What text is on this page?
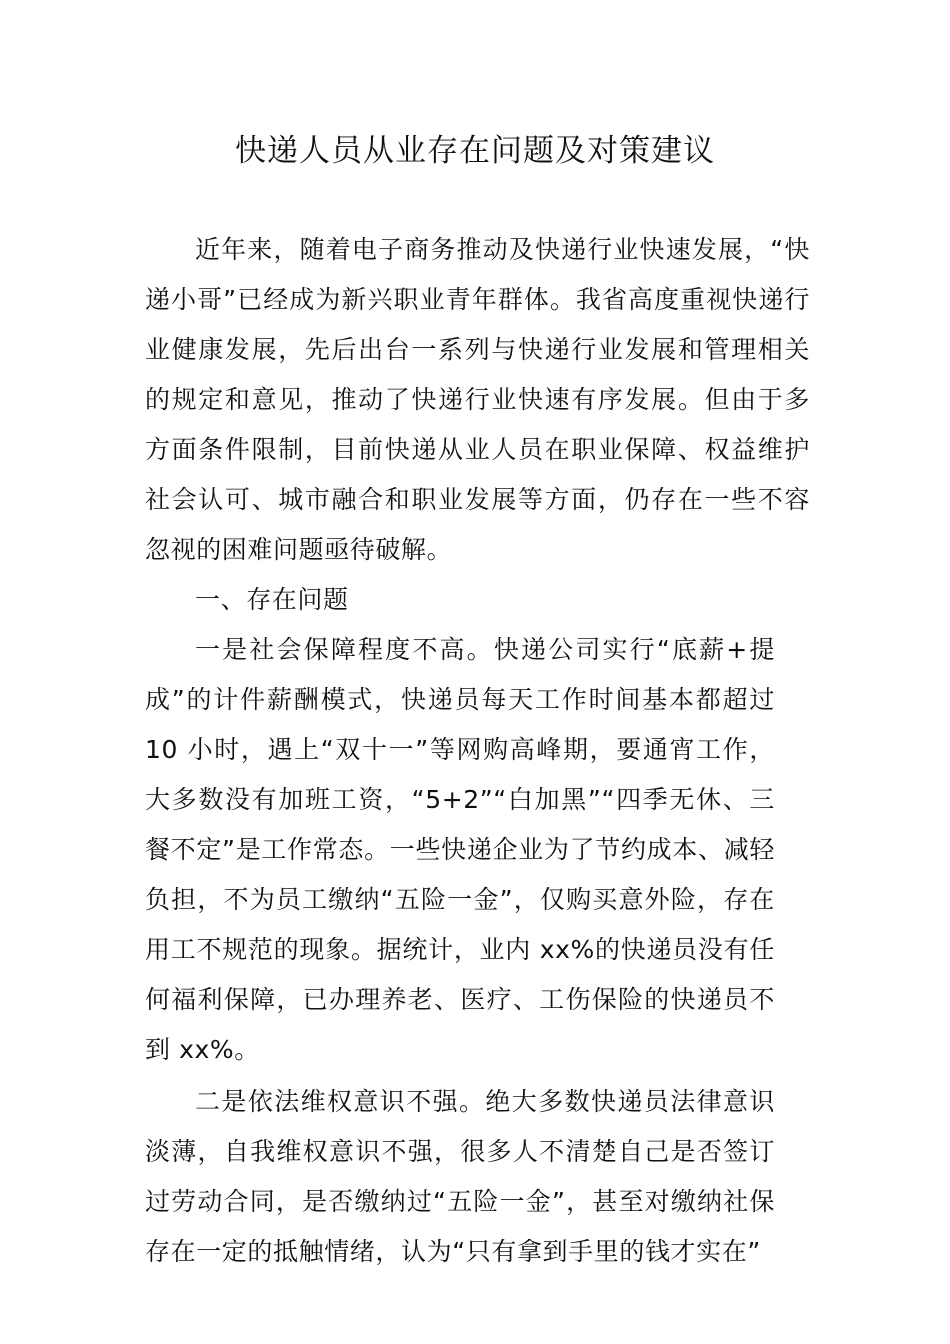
快递人员从业存在问题及对策建议

近年来，随着电子商务推动及快递行业快速发展，“快递小哥”已经成为新兴职业青年群体。我省高度重视快递行业健康发展，先后出台一系列与快递行业发展和管理相关的规定和意见，推动了快递行业快速有序发展。但由于多方面条件限制，目前快递从业人员在职业保障、权益维护社会认可、城市融合和职业发展等方面，仍存在一些不容忽视的困难问题亟待破解。

一、存在问题

一是社会保障程度不高。快递公司实行“底薪+提成”的计件薪酬模式，快递员每天工作时间基本都超过 10 小时，遇上“双十一”等网购高峰期，要通宵工作，大多数没有加班工资，“5+2”“白加黑”“四季无休、三餐不定”是工作常态。一些快递企业为了节约成本、减轻负担，不为员工缴纳“五险一金”，仅购买意外险，存在用工不规范的现象。据统计，业内 xx%的快递员没有任何福利保障，已办理养老、医疗、工伤保险的快递员不到 xx%。

二是依法维权意识不强。绝大多数快递员法律意识淡薄，自我维权意识不强，很多人不清楚自己是否签订过劳动合同，是否缴纳过“五险一金”，甚至对缴纳社保存在一定的抵触情绪，认为“只有拿到手里的钱才实在”
